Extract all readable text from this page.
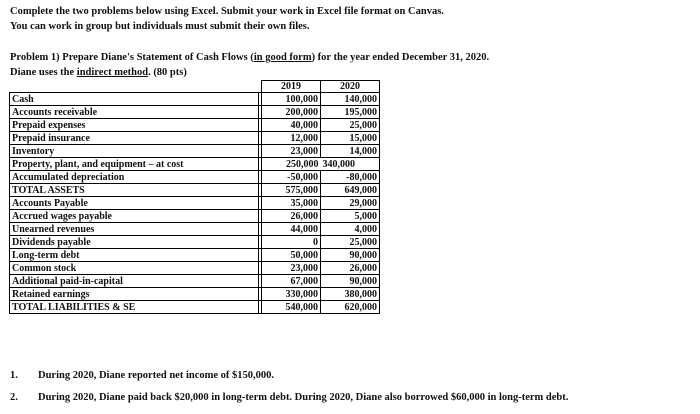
Complete the two problems below using Excel. Submit your work in Excel file format on Canvas.
You can work in group but individuals must submit their own files.
Problem 1) Prepare Diane's Statement of Cash Flows (in good form) for the year ended December 31, 2020.
Diane uses the indirect method. (80 pts)
		2019	2020
Cash		100,000	140,000
Accounts receivable		200,000	195,000
Prepaid expenses		40,000	25,000
Prepaid insurance		12,000	15,000
Inventory		23,000	14,000
Property, plant, and equipment – at cost		250,000	340,000
Accumulated depreciation		-50,000	-80,000
TOTAL ASSETS		575,000	649,000
Accounts Payable		35,000	29,000
Accrued wages payable		26,000	5,000
Unearned revenues		44,000	4,000
Dividends payable		0	25,000
Long-term debt		50,000	90,000
Common stock		23,000	26,000
Additional paid-in-capital		67,000	90,000
Retained earnings		330,000	380,000
TOTAL LIABILITIES & SE		540,000	620,000
1. During 2020, Diane reported net income of $150,000.
2. During 2020, Diane paid back $20,000 in long-term debt. During 2020, Diane also borrowed $60,000 in long-term debt.
